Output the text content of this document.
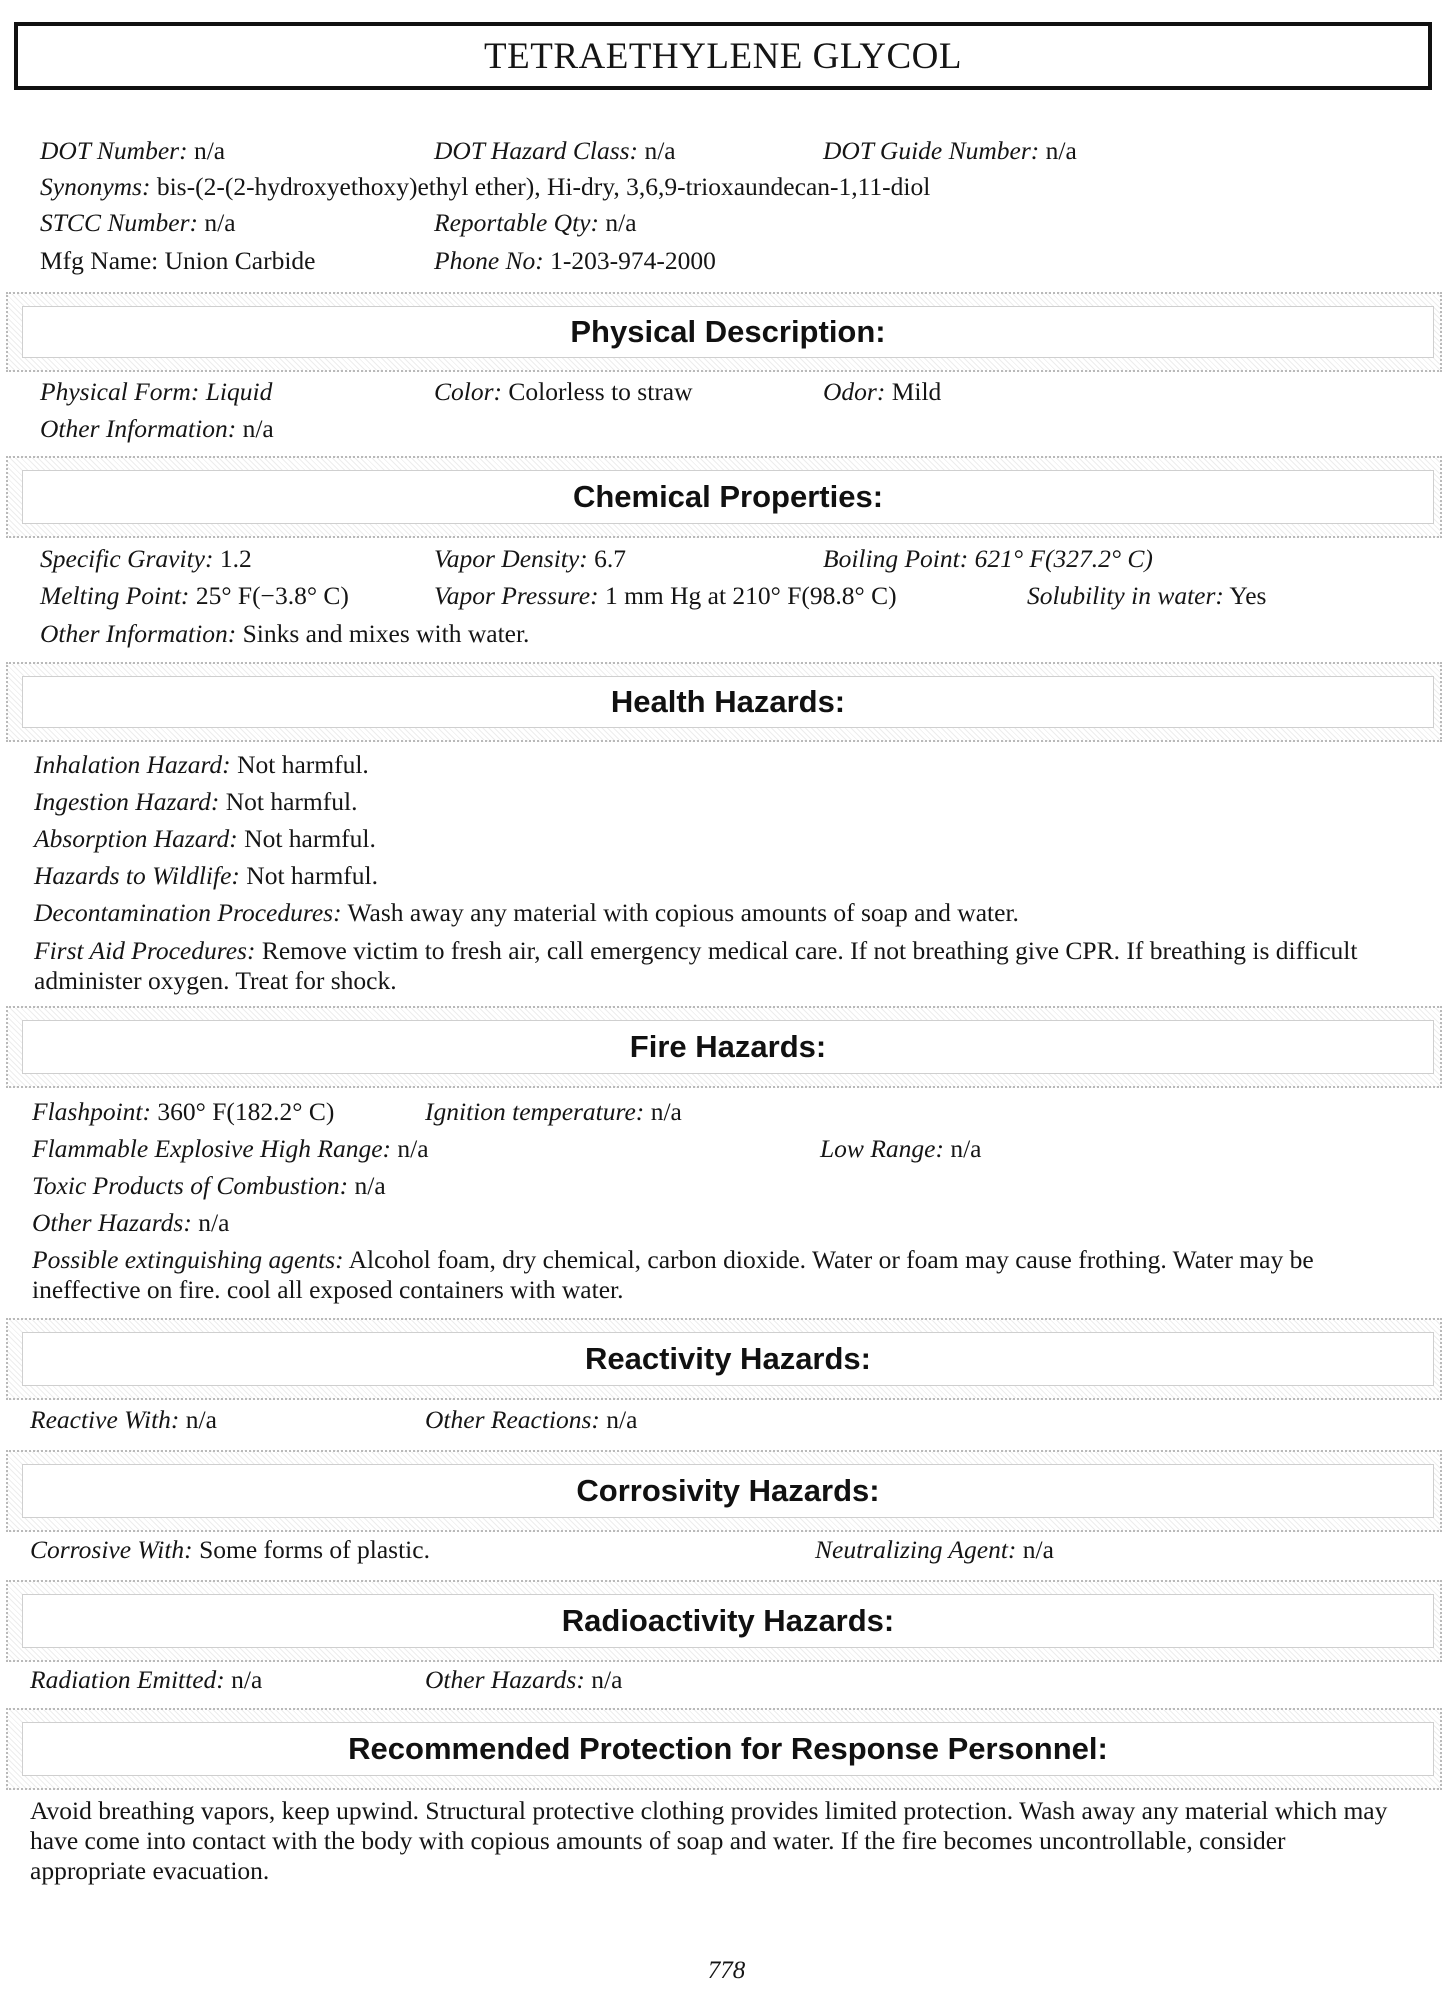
TETRAETHYLENE GLYCOL
DOT Number: n/a	DOT Hazard Class: n/a	DOT Guide Number: n/a
Synonyms: bis-(2-(2-hydroxyethoxy)ethyl ether), Hi-dry, 3,6,9-trioxaundecan-1,11-diol
STCC Number: n/a	Reportable Qty: n/a
Mfg Name: Union Carbide	Phone No: 1-203-974-2000
Physical Description:
Physical Form: Liquid	Color: Colorless to straw	Odor: Mild
Other Information: n/a
Chemical Properties:
Specific Gravity: 1.2	Vapor Density: 6.7	Boiling Point: 621° F(327.2° C)
Melting Point: 25° F(−3.8° C)	Vapor Pressure: 1 mm Hg at 210° F(98.8° C)	Solubility in water: Yes
Other Information: Sinks and mixes with water.
Health Hazards:
Inhalation Hazard: Not harmful.
Ingestion Hazard: Not harmful.
Absorption Hazard: Not harmful.
Hazards to Wildlife: Not harmful.
Decontamination Procedures: Wash away any material with copious amounts of soap and water.
First Aid Procedures: Remove victim to fresh air, call emergency medical care. If not breathing give CPR. If breathing is difficult administer oxygen. Treat for shock.
Fire Hazards:
Flashpoint: 360° F(182.2° C)	Ignition temperature: n/a
Flammable Explosive High Range: n/a	Low Range: n/a
Toxic Products of Combustion: n/a
Other Hazards: n/a
Possible extinguishing agents: Alcohol foam, dry chemical, carbon dioxide. Water or foam may cause frothing. Water may be ineffective on fire. cool all exposed containers with water.
Reactivity Hazards:
Reactive With: n/a	Other Reactions: n/a
Corrosivity Hazards:
Corrosive With: Some forms of plastic.	Neutralizing Agent: n/a
Radioactivity Hazards:
Radiation Emitted: n/a	Other Hazards: n/a
Recommended Protection for Response Personnel:
Avoid breathing vapors, keep upwind. Structural protective clothing provides limited protection. Wash away any material which may have come into contact with the body with copious amounts of soap and water. If the fire becomes uncontrollable, consider appropriate evacuation.
778
